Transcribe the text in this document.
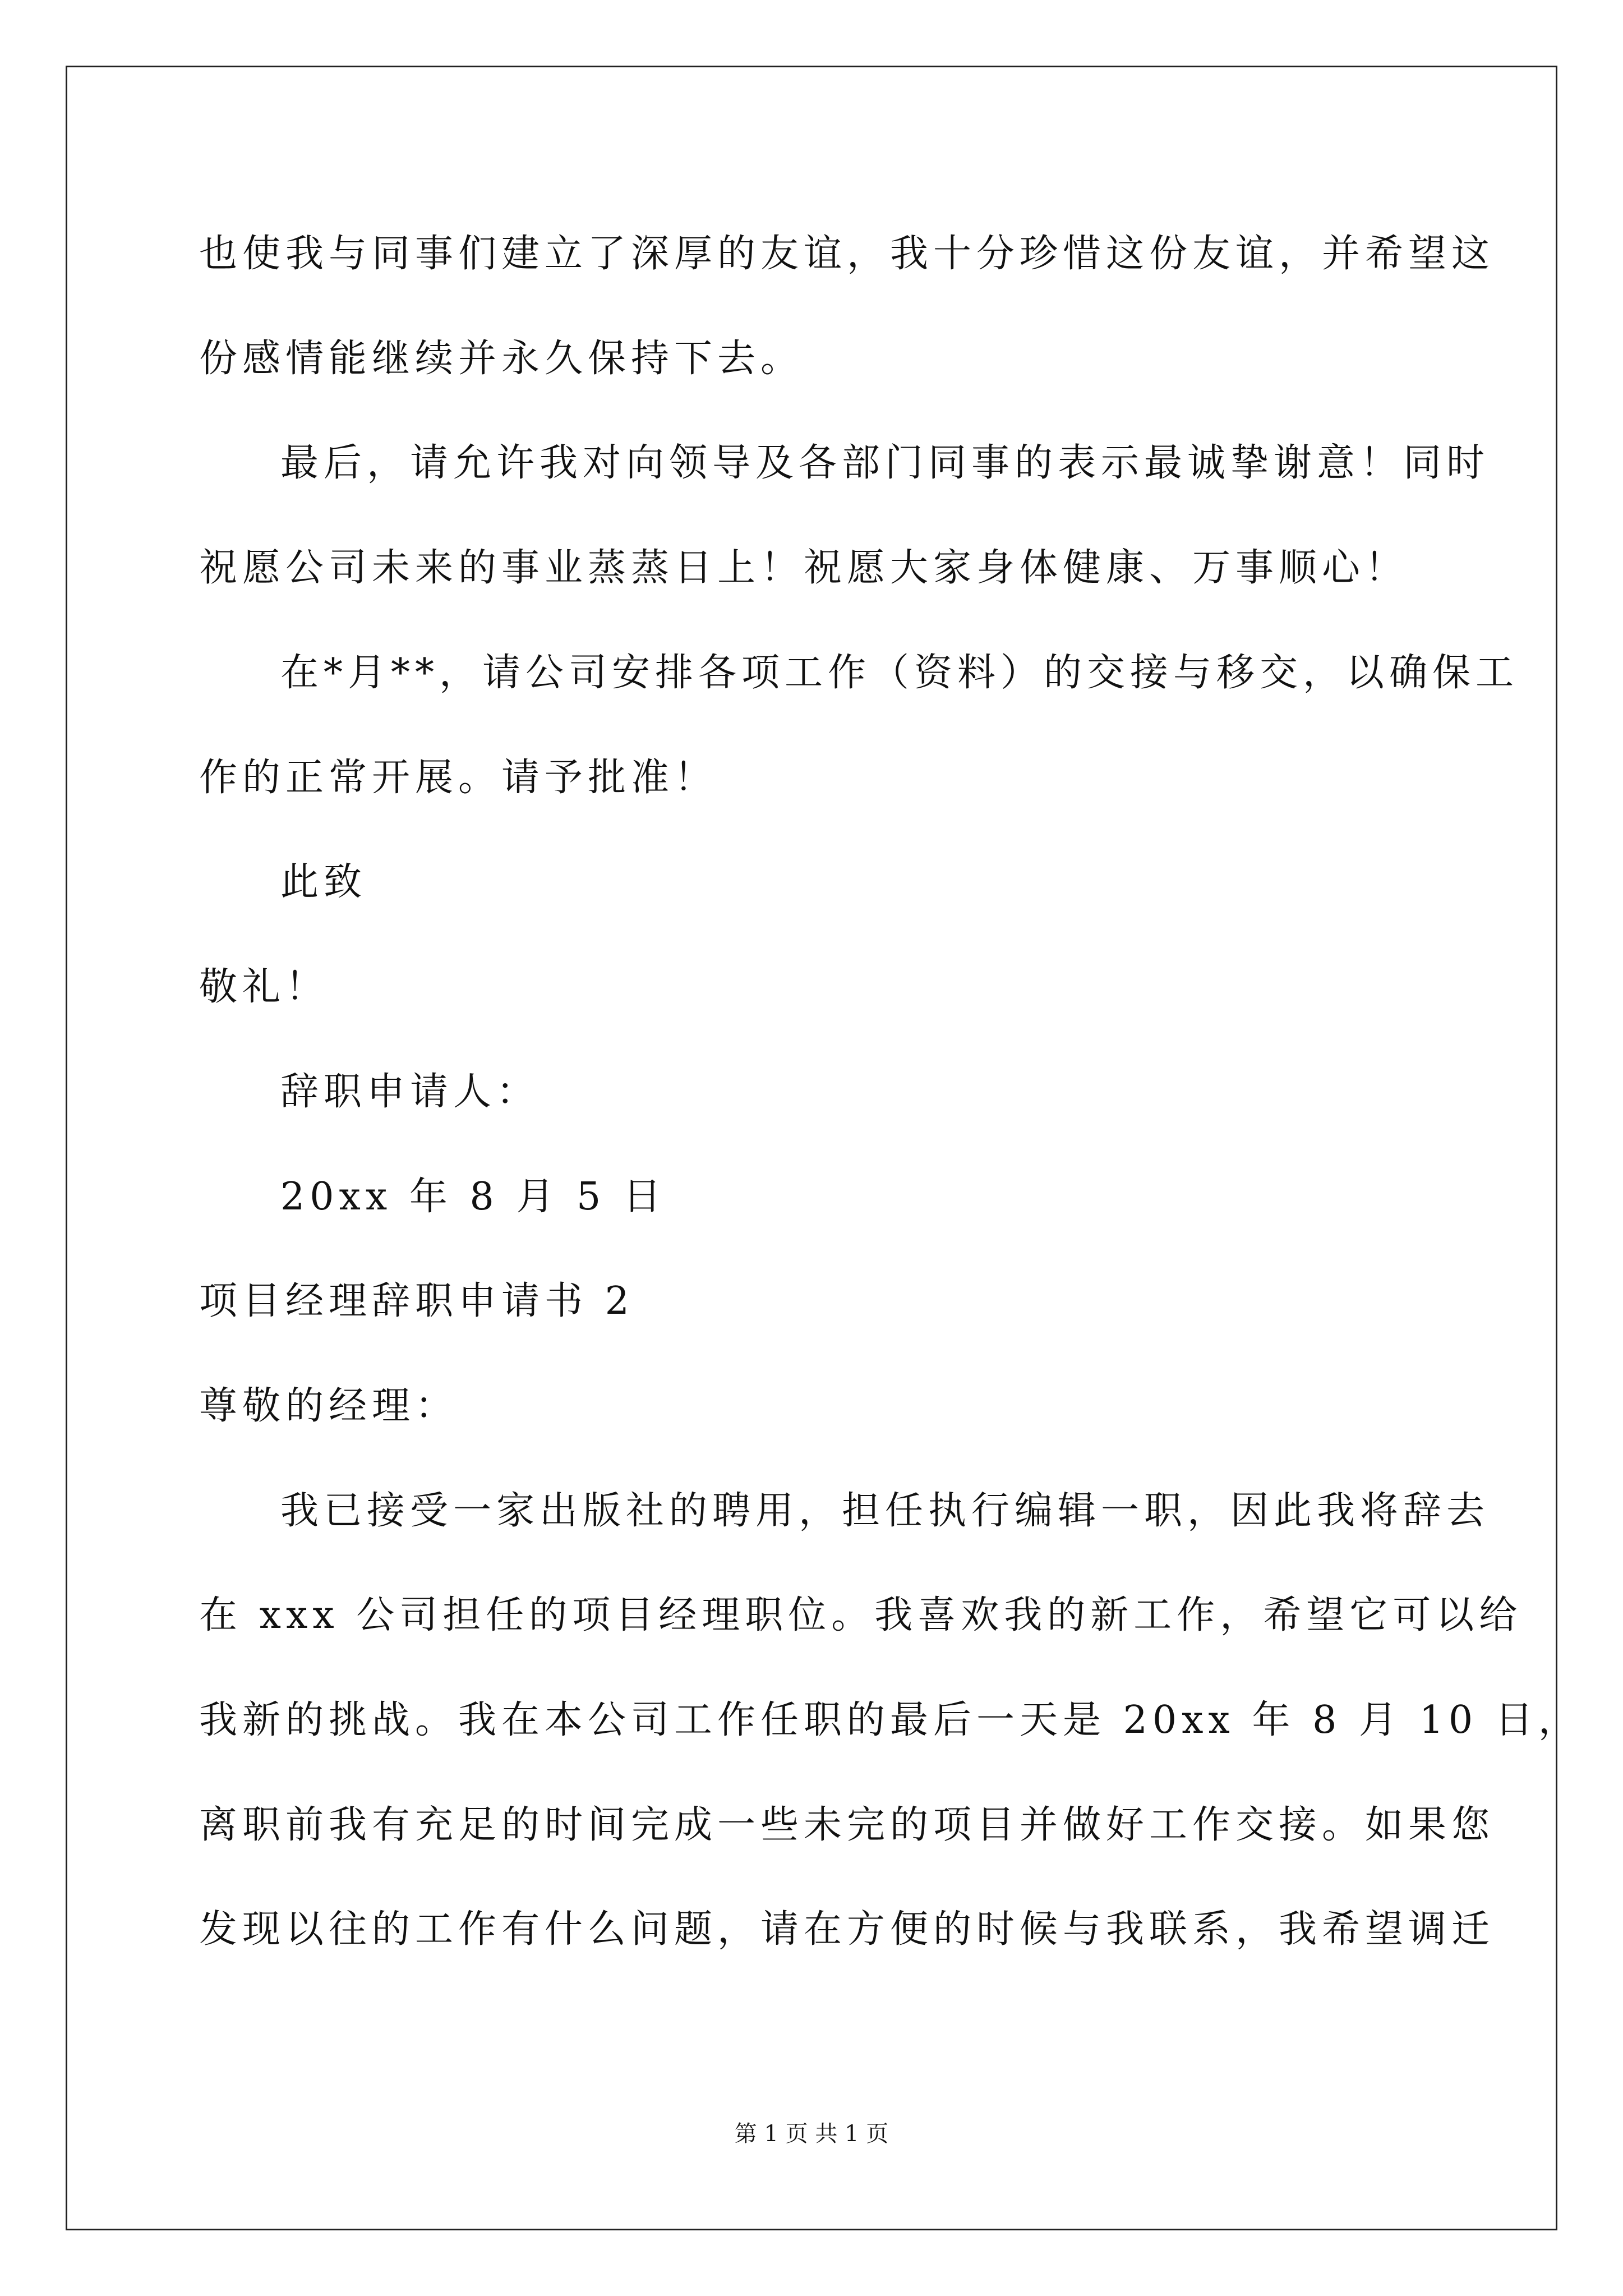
也使我与同事们建立了深厚的友谊，我十分珍惜这份友谊，并希望这
份感情能继续并永久保持下去。
最后，请允许我对向领导及各部门同事的表示最诚挚谢意！同时
祝愿公司未来的事业蒸蒸日上！祝愿大家身体健康、万事顺心！
在*月**，请公司安排各项工作（资料）的交接与移交，以确保工
作的正常开展。请予批准！
此致
敬礼！
辞职申请人：
20xx 年 8 月 5 日
项目经理辞职申请书 2
尊敬的经理：
我已接受一家出版社的聘用，担任执行编辑一职，因此我将辞去
在 xxx 公司担任的项目经理职位。我喜欢我的新工作，希望它可以给
我新的挑战。我在本公司工作任职的最后一天是 20xx 年 8 月 10 日，
离职前我有充足的时间完成一些未完的项目并做好工作交接。如果您
发现以往的工作有什么问题，请在方便的时候与我联系，我希望调迁
第 1 页 共 1 页
